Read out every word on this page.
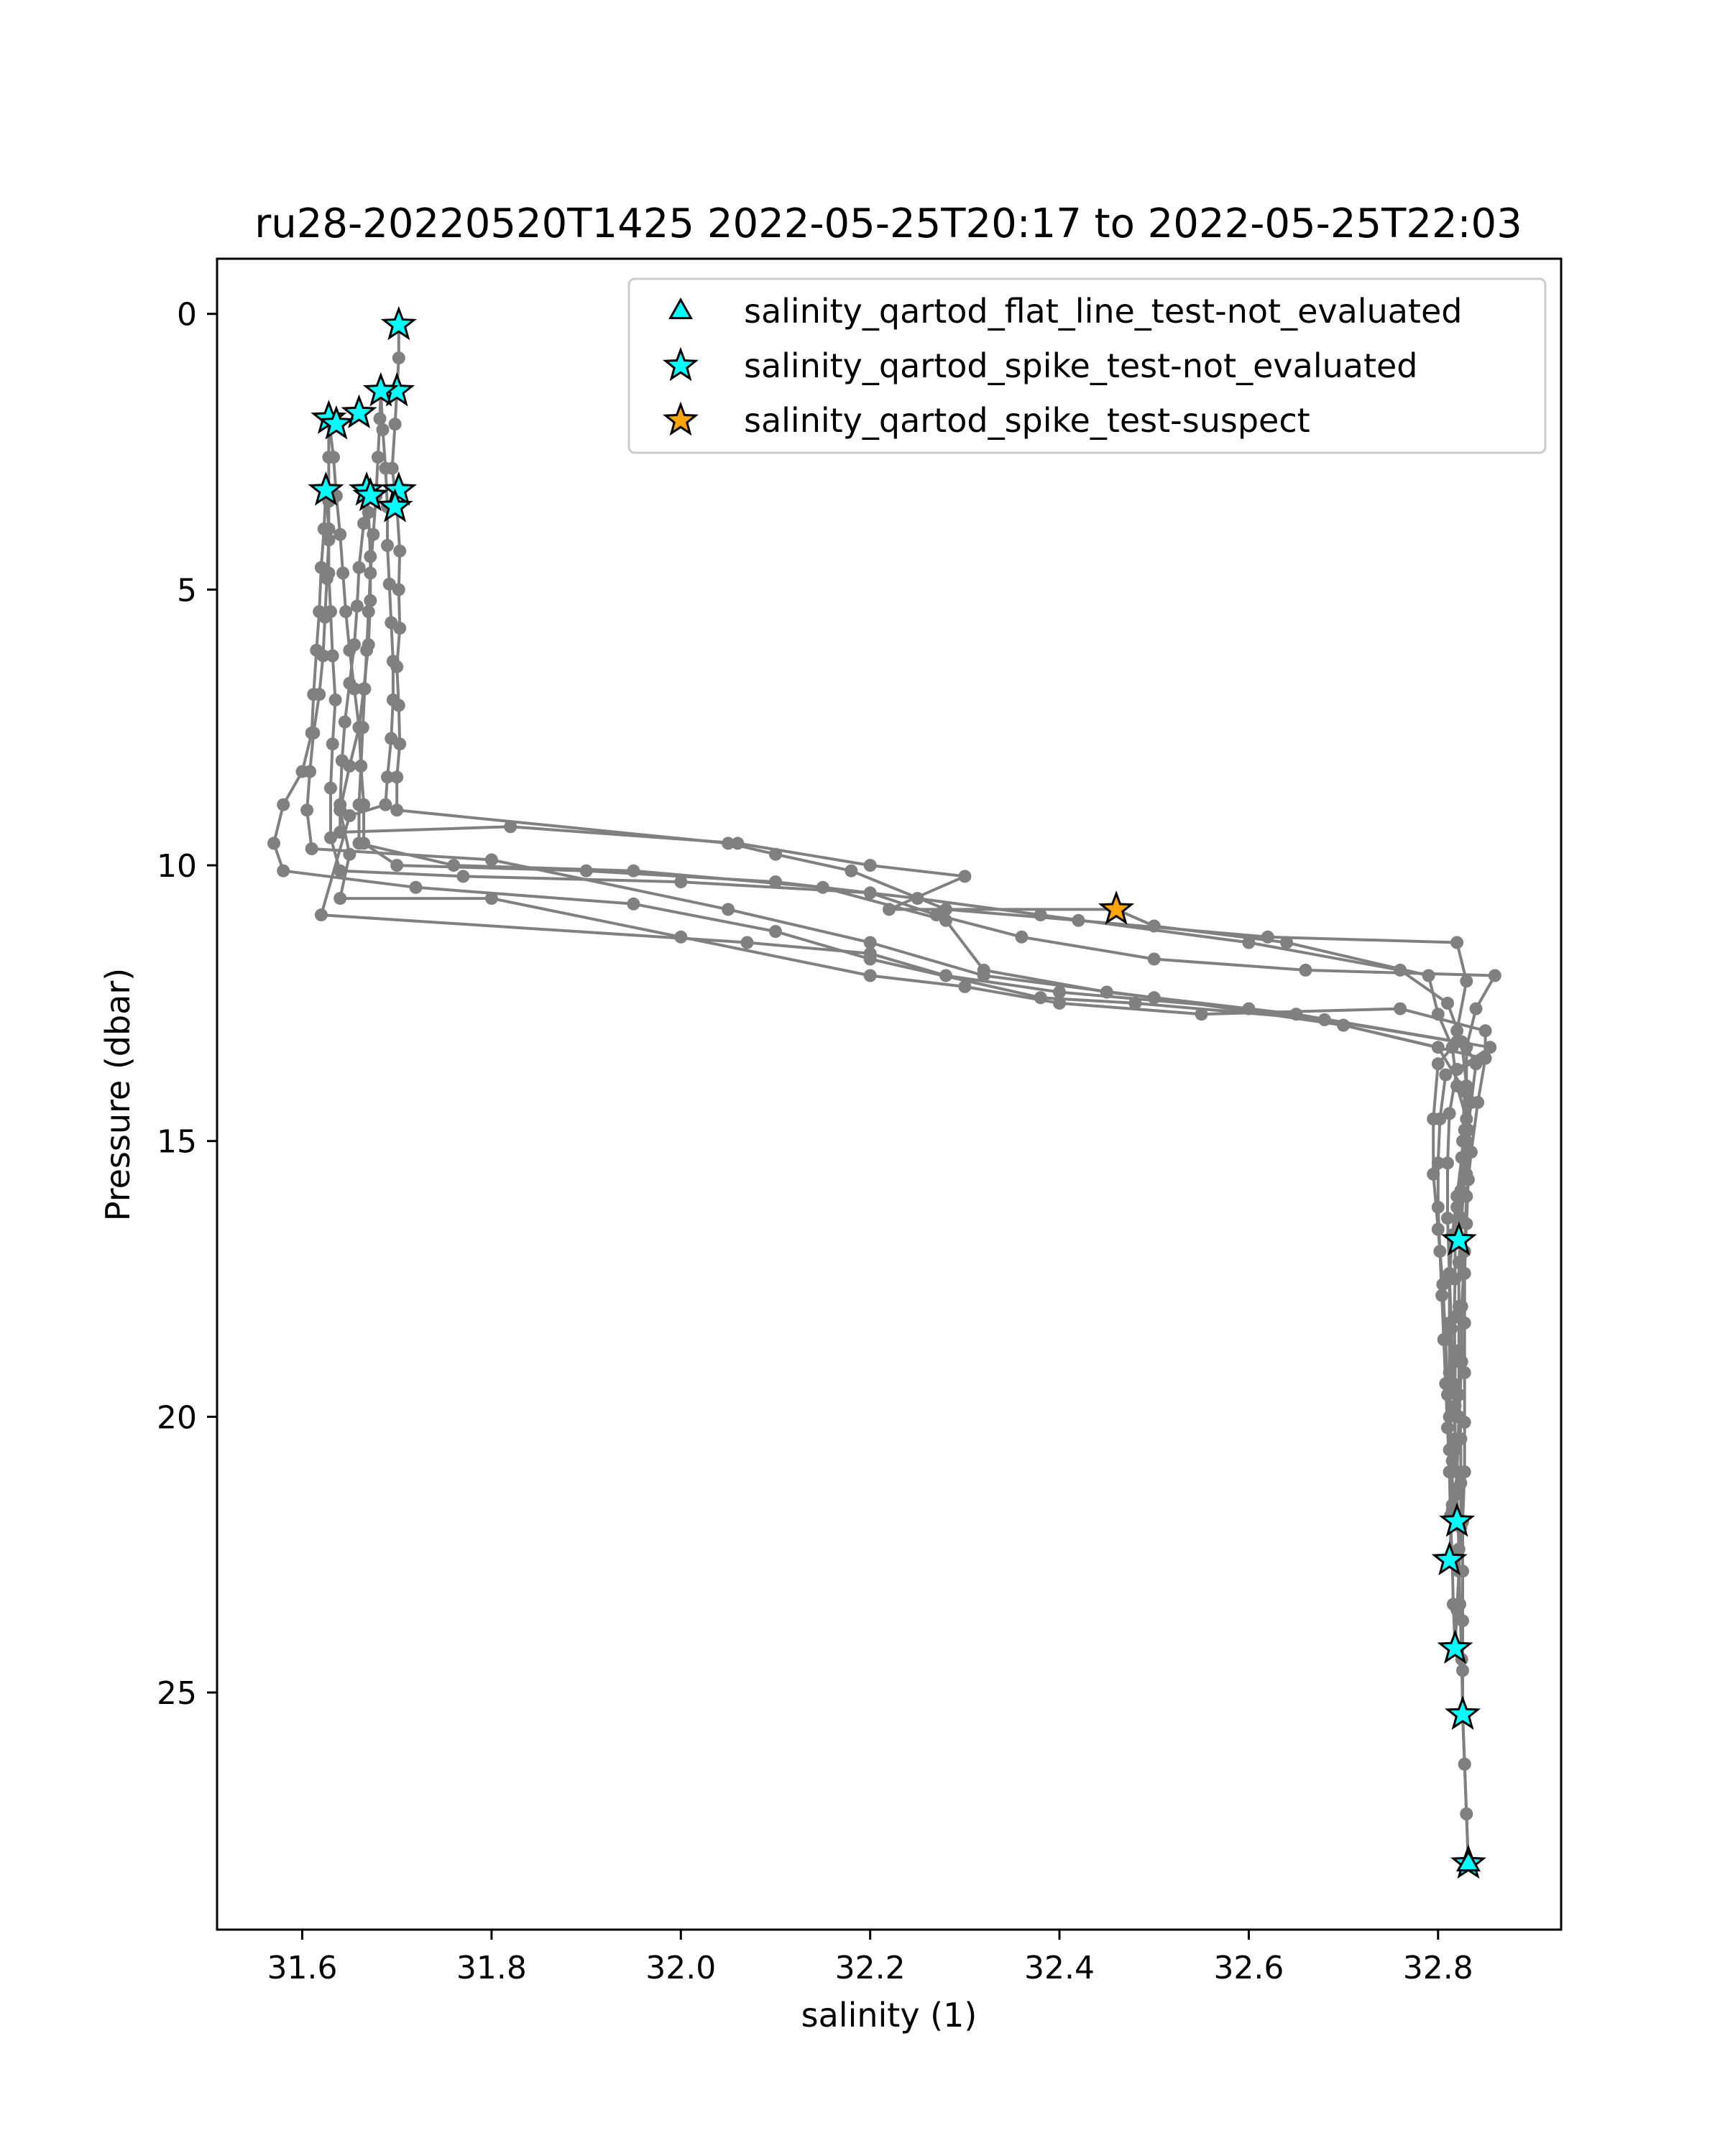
ru28-20220520T1425 2022-05-25T20:17 to 2022-05-25T22:03
31.6	31.8	32.0	32.2	32.4	32.6	32.8
0
5
10
15
20
25
salinity (1)
Pressure (dbar)
salinity_qartod_flat_line_test-not_evaluated
salinity_qartod_spike_test-not_evaluated
salinity_qartod_spike_test-suspect
